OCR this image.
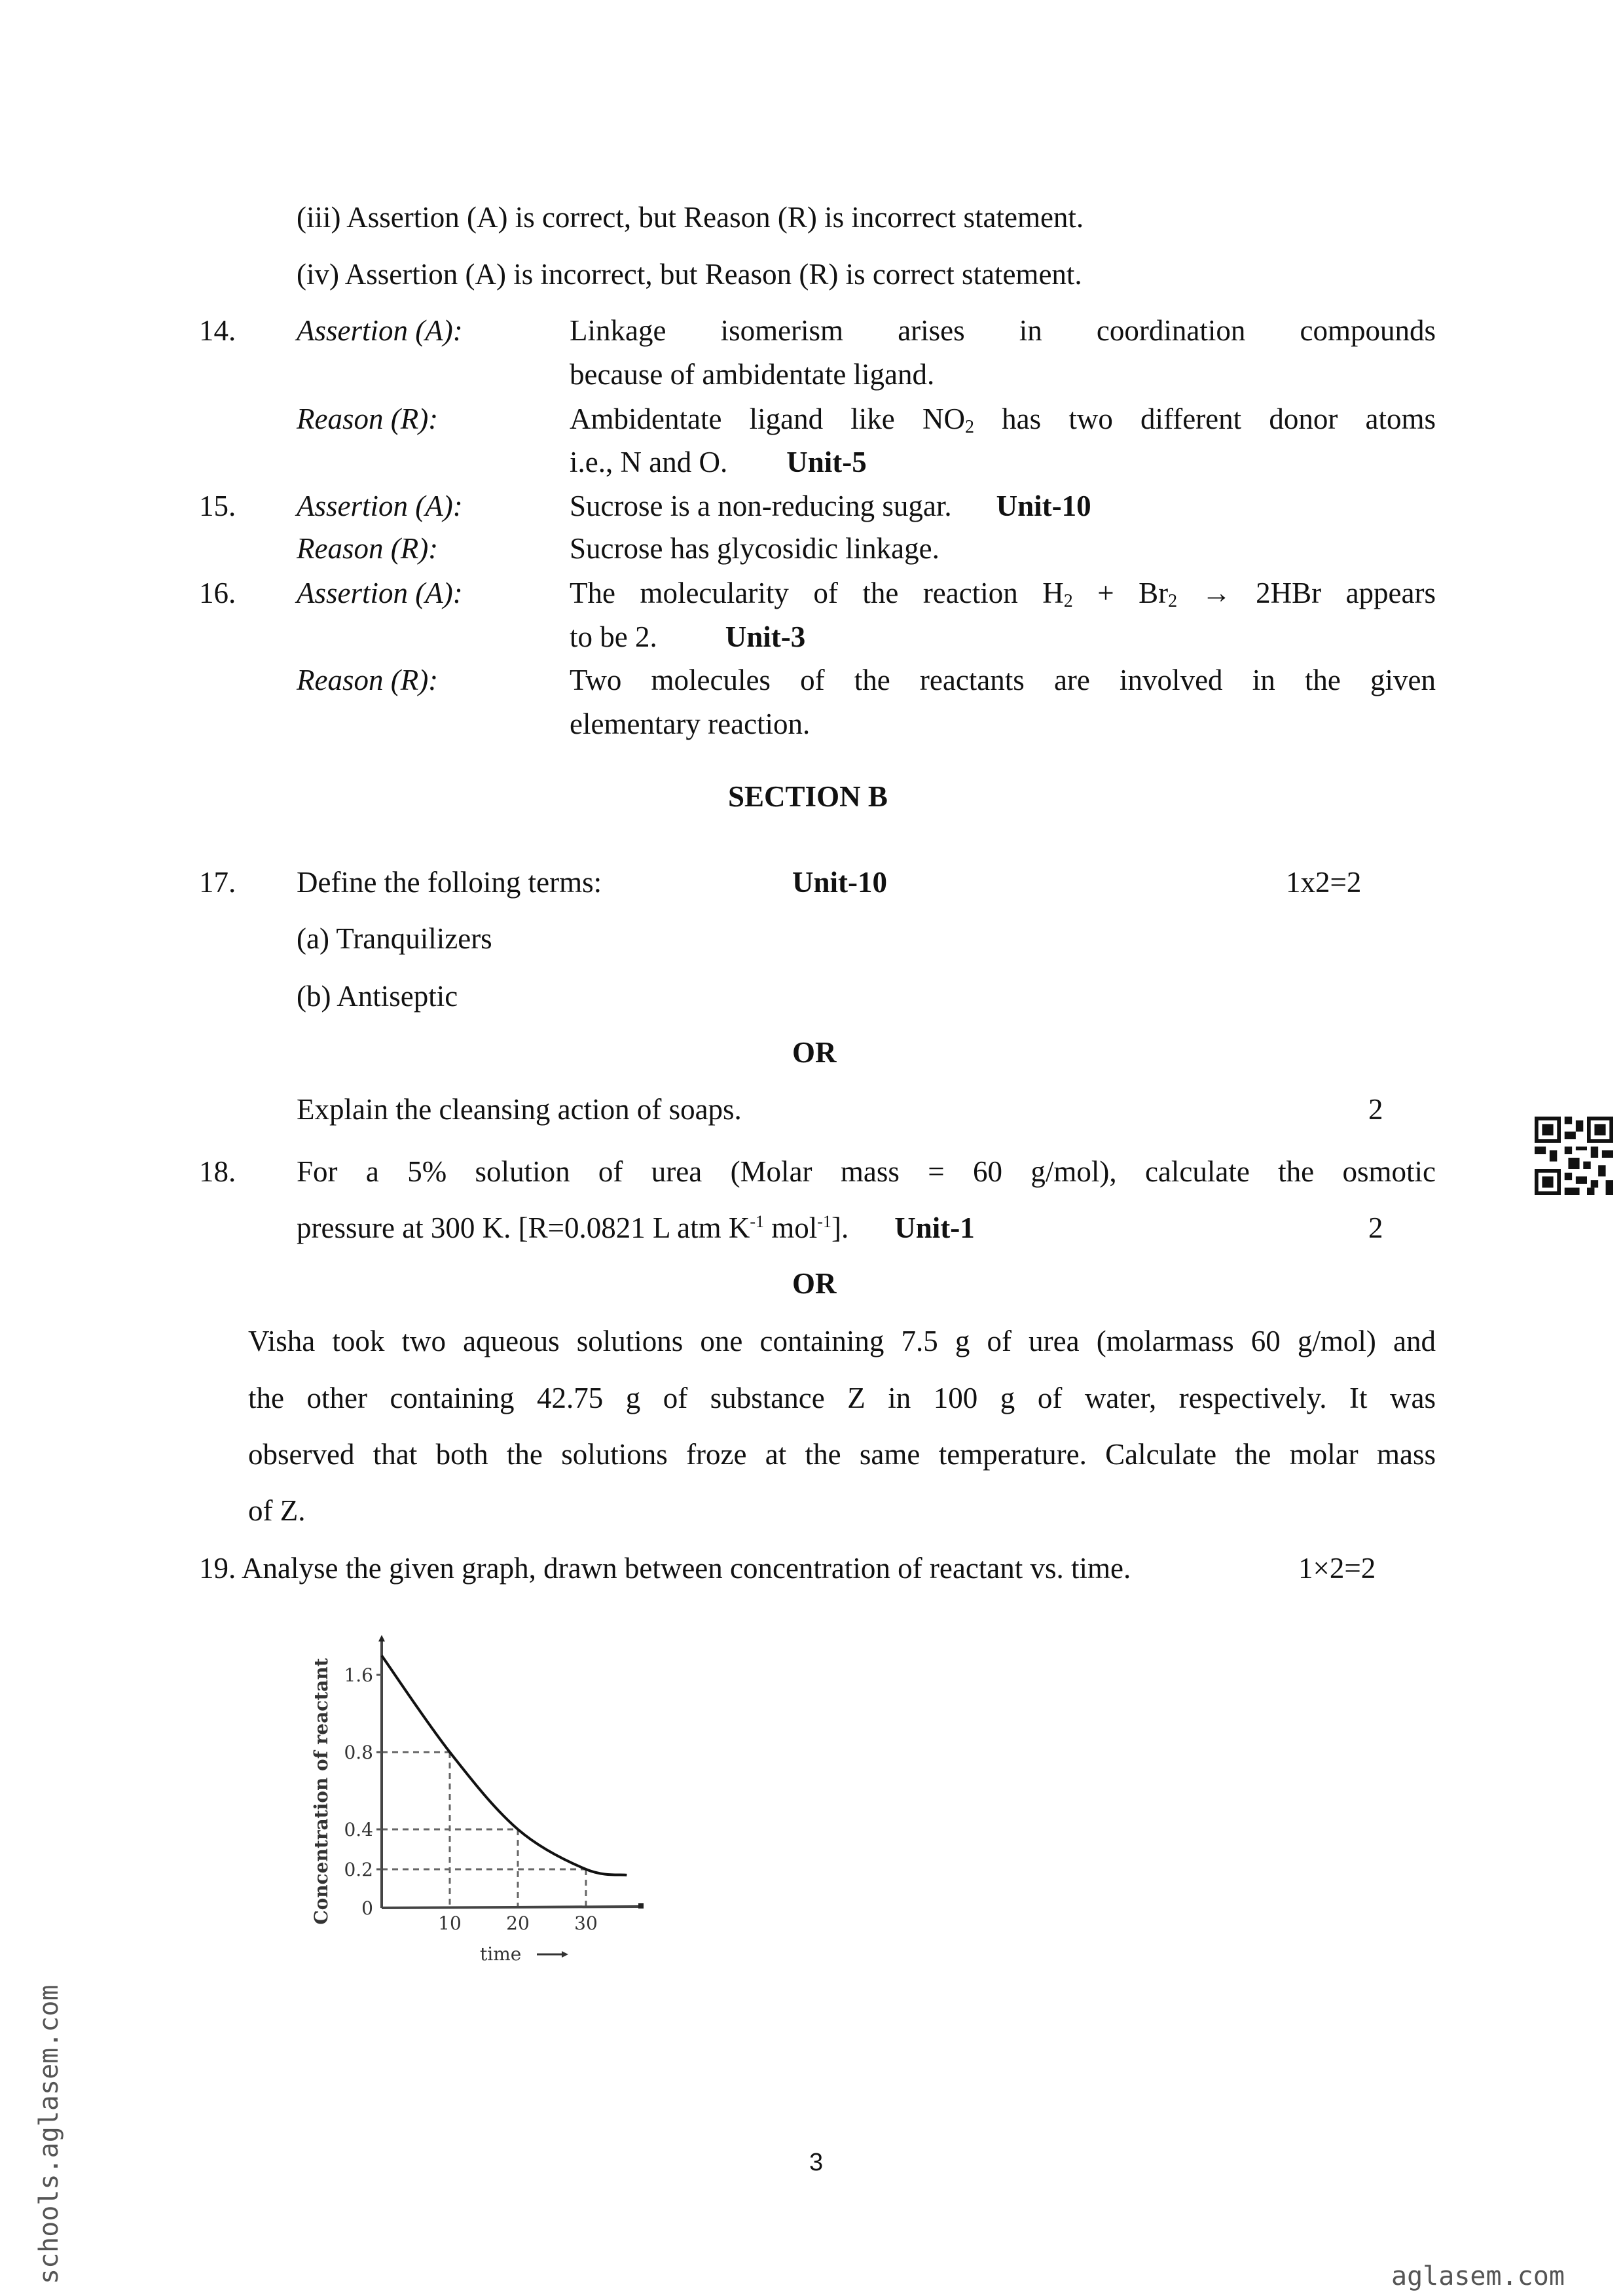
(iii) Assertion (A) is correct, but Reason (R) is incorrect statement.
(iv) Assertion (A) is incorrect, but Reason (R) is correct statement.
14. Assertion (A):	Linkage isomerism arises in coordination compounds
because of ambidentate ligand.
Reason (R):	Ambidentate ligand like $NO_2$ has two different donor atoms
i.e., N and O. Unit-5
15. Assertion (A):	Sucrose is a non-reducing sugar. Unit-10
Reason (R):	Sucrose has glycosidic linkage.
16. Assertion (A):	The molecularity of the reaction $H_2 + Br_2 \to 2HBr$ appears
to be 2. Unit-3
Reason (R):	Two molecules of the reactants are involved in the given
elementary reaction.
SECTION B
17. Define the folloing terms:	Unit-10	1x2=2
(a) Tranquilizers
(b) Antiseptic
OR
Explain the cleansing action of soaps.	2
18. For a 5% solution of urea (Molar mass = 60 g/mol), calculate the osmotic
pressure at 300 K. [R=0.0821 L atm $K^{-1}$ mol$^{-1}$]. Unit-1	2
OR
Visha took two aqueous solutions one containing 7.5 g of urea (molarmass 60 g/mol) and
the other containing 42.75 g of substance Z in 100 g of water, respectively. It was
observed that both the solutions froze at the same temperature. Calculate the molar mass
of Z.
19. Analyse the given graph, drawn between concentration of reactant vs. time.	1×2=2
0
0.2
0.4
0.8
1.6
10 20 30
Concentration of reactant
time
3
schools.aglasem.com	aglasem.com
